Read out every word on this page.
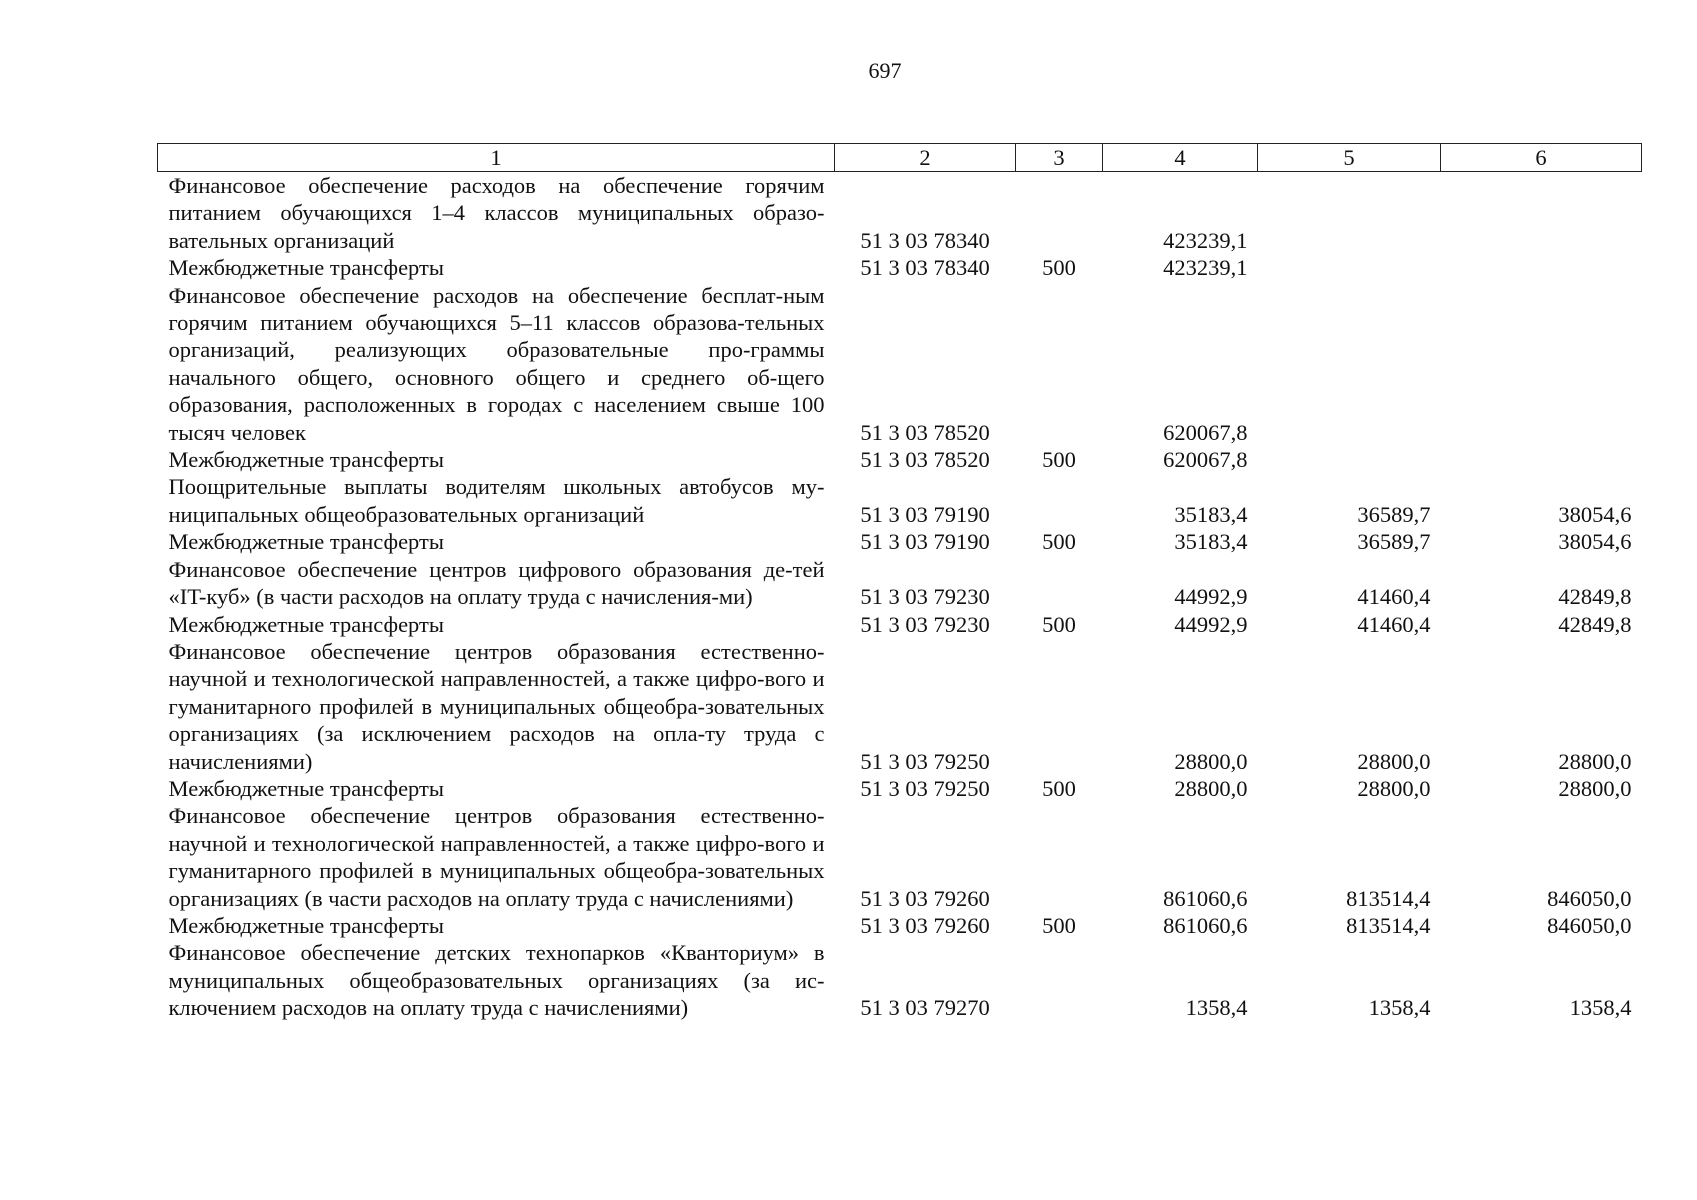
697
1	2	3	4	5	6
Финансовое обеспечение расходов на обеспечение горячим питанием обучающихся 1–4 классов муниципальных образо-вательных организаций	51 3 03 78340		423239,1		
Межбюджетные трансферты	51 3 03 78340	500	423239,1		
Финансовое обеспечение расходов на обеспечение бесплат-ным горячим питанием обучающихся 5–11 классов образова-тельных организаций, реализующих образовательные про-граммы начального общего, основного общего и среднего об-щего образования, расположенных в городах с населением свыше 100 тысяч человек	51 3 03 78520		620067,8		
Межбюджетные трансферты	51 3 03 78520	500	620067,8		
Поощрительные выплаты водителям школьных автобусов му-ниципальных общеобразовательных организаций	51 3 03 79190		35183,4	36589,7	38054,6
Межбюджетные трансферты	51 3 03 79190	500	35183,4	36589,7	38054,6
Финансовое обеспечение центров цифрового образования де-тей «IT-куб» (в части расходов на оплату труда с начисления-ми)	51 3 03 79230		44992,9	41460,4	42849,8
Межбюджетные трансферты	51 3 03 79230	500	44992,9	41460,4	42849,8
Финансовое обеспечение центров образования естественно-научной и технологической направленностей, а также цифро-вого и гуманитарного профилей в муниципальных общеобра-зовательных организациях (за исключением расходов на опла-ту труда с начислениями)	51 3 03 79250		28800,0	28800,0	28800,0
Межбюджетные трансферты	51 3 03 79250	500	28800,0	28800,0	28800,0
Финансовое обеспечение центров образования естественно-научной и технологической направленностей, а также цифро-вого и гуманитарного профилей в муниципальных общеобра-зовательных организациях (в части расходов на оплату труда с начислениями)	51 3 03 79260		861060,6	813514,4	846050,0
Межбюджетные трансферты	51 3 03 79260	500	861060,6	813514,4	846050,0
Финансовое обеспечение детских технопарков «Кванториум» в муниципальных общеобразовательных организациях (за ис-ключением расходов на оплату труда с начислениями)	51 3 03 79270		1358,4	1358,4	1358,4
